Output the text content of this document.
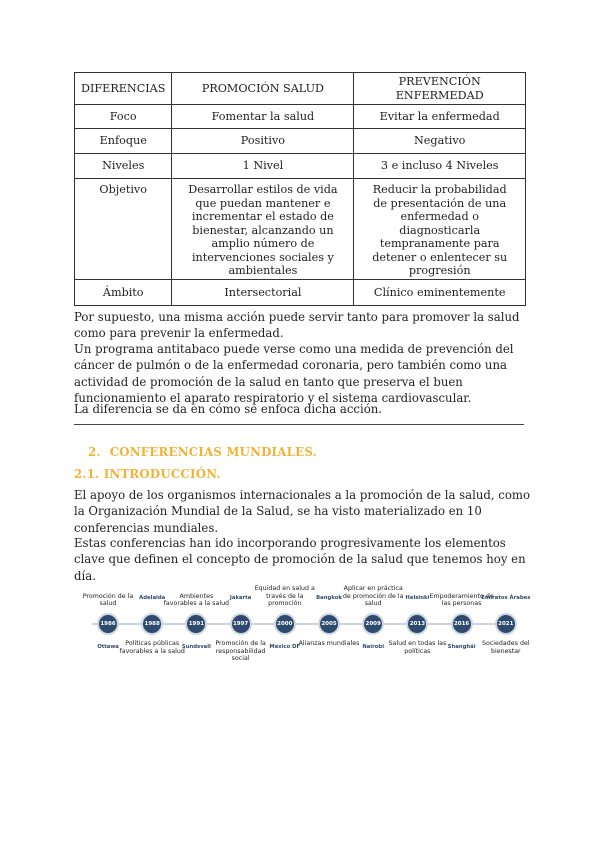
DIFERENCIAS	PROMOCIÓN SALUD	PREVENCIÓN ENFERMEDAD
Foco	Fomentar la salud	Evitar la enfermedad
Enfoque	Positivo	Negativo
Niveles	1 Nivel	3 e incluso 4 Niveles
Objetivo	Desarrollar estilos de vida que puedan mantener e incrementar el estado de bienestar, alcanzando un amplio número de intervenciones sociales y ambientales	Reducir la probabilidad de presentación de una enfermedad o diagnosticarla tempranamente para detener o enlentecer su progresión
Ámbito	Intersectorial	Clínico eminentemente

Por supuesto, una misma acción puede servir tanto para promover la salud como para prevenir la enfermedad.

Un programa antitabaco puede verse como una medida de prevención del cáncer de pulmón o de la enfermedad coronaria, pero también como una actividad de promoción de la salud en tanto que preserva el buen funcionamiento el aparato respiratorio y el sistema cardiovascular.

La diferencia se da en cómo se enfoca dicha acción.

2. CONFERENCIAS MUNDIALES.
2.1. INTRODUCCIÓN.

El apoyo de los organismos internacionales a la promoción de la salud, como la Organización Mundial de la Salud, se ha visto materializado en 10 conferencias mundiales.

Estas conferencias han ido incorporando progresivamente los elementos clave que definen el concepto de promoción de la salud que tenemos hoy en día.

1986
Ottawa
Promoción de la salud
1988
Adelaida
Políticas públicas favorables a la salud
1991
Sundsvall
Ambientes favorables a la salud
1997
Jakarta
Promoción de la responsabilidad social
2000
México DF
Equidad en salud a través de la promoción
2005
Bangkok
Alianzas mundiales
2009
Nairobi
Aplicar en práctica de promoción de la salud
2013
Helsinki
Salud en todas las políticas
2016
Shanghái
Empoderamiento de las personas
2021
Emiratos Árabes
Sociedades del bienestar
